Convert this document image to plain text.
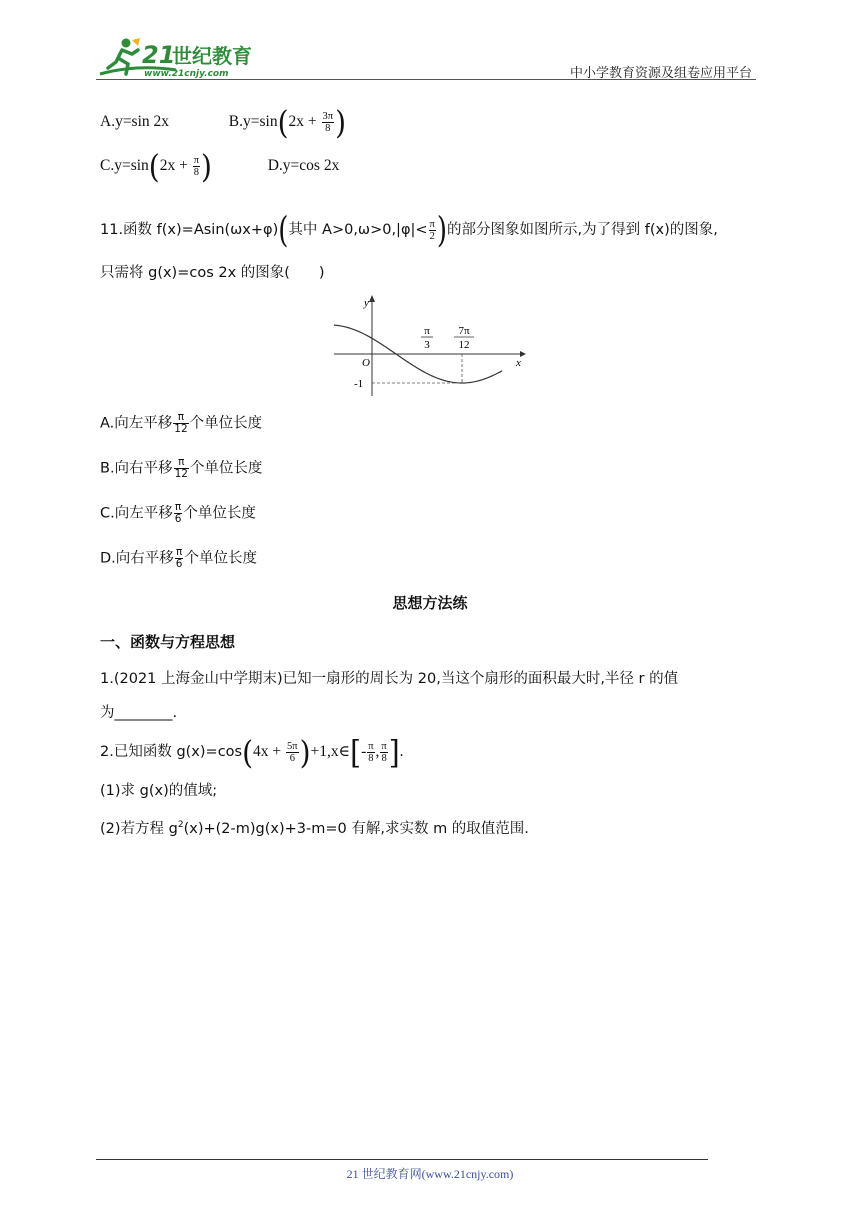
21
世纪教育
www.21cnjy.com	中小学教育资源及组卷应用平台
A.y=sin 2x	$B.y=\sin(2x + \frac{3\pi}{8}$ )
$C.y=\sin(2x + \frac{\pi}{8}$ )	D.y=cos 2x
11.函数 f(x)=Asin(ωx+φ)(其中 $A>0,\omega>0,|\varphi|< \frac{\pi}{2}$ )的部分图象如图所示,为了得到 f(x)的图象,
只需将 g(x)=cos 2x 的图象(　　)
y
x
O
-1
π
3
7π
12
A.向左平移 $\frac{\pi}{12}$ 个单位长度
B.向右平移 $\frac{\pi}{12}$ 个单位长度
C.向左平移 $\frac{\pi}{6}$ 个单位长度
D.向右平移 $\frac{\pi}{6}$ 个单位长度
思想方法练
一、函数与方程思想
1.(2021 上海金山中学期末)已知一扇形的周长为 20,当这个扇形的面积最大时,半径 r 的值
为________.
2.已知函数 $g(x)=\cos(4x + \frac{5\pi}{6}$ )+1,x∈[- $\frac{\pi}{8}$ , $\frac{\pi}{8}$ ].
(1)求 g(x)的值域;
(2)若方程 $g^2(x)+(2-m)g(x)+3-m=0$ 有解,求实数 m 的取值范围.
21 世纪教育网(www.21cnjy.com)
